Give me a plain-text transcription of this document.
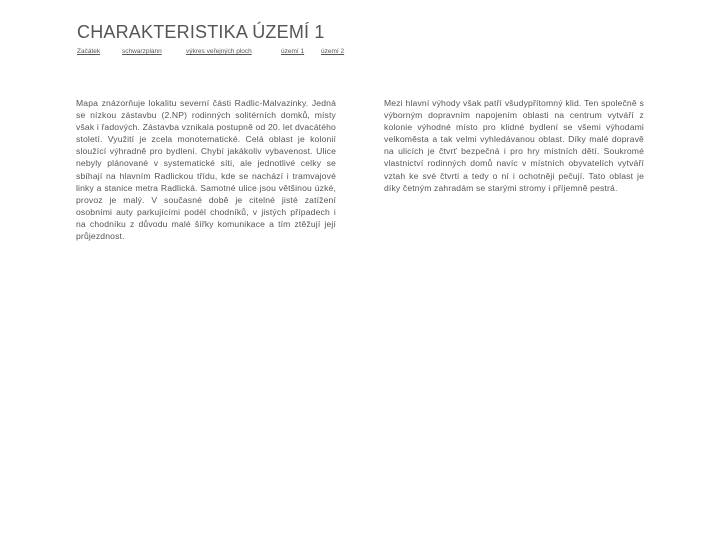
CHARAKTERISTIKA ÚZEMÍ 1
Začátek	schwarzplann	výkres veřejných ploch	území 1	území 2

Mapa znázorňuje lokalitu severní části Radlic-Malvazinky. Jedná se nízkou zástavbu (2.NP) rodinných solitérních domků, místy však i řadových. Zástavba vznikala postupně od 20. let dvacátého století. Využití je zcela monotematické. Celá oblast je kolonií sloužící výhradně pro bydlení. Chybí jakákoliv vybavenost. Ulice nebyly plánované v systematické síti, ale jednotlivé celky se sbíhají na hlavním Radlickou třídu, kde se nachází i tramvajové linky a stanice metra Radlická. Samotné ulice jsou většinou úzké, provoz je malý. V současné době je citelné jisté zatížení osobními auty parkujícími podél chodníků, v jistých případech i na chodníku z důvodu malé šířky komunikace a tím ztěžují její průjezdnost.

Mezi hlavní výhody však patří všudypřítomný klid. Ten společně s výborným dopravním napojením oblasti na centrum vytváří z kolonie výhodné místo pro klidné bydlení se všemi výhodami velkoměsta a tak velmi vyhledávanou oblast. Díky malé dopravě na ulicích je čtvrť bezpečná i pro hry místních dětí. Soukromé vlastnictví rodinných domů navíc v místních obyvatelích vytváří vztah ke své čtvrti a tedy o ní i ochotněji pečují. Tato oblast je díky četným zahradám se starými stromy i příjemně pestrá.
